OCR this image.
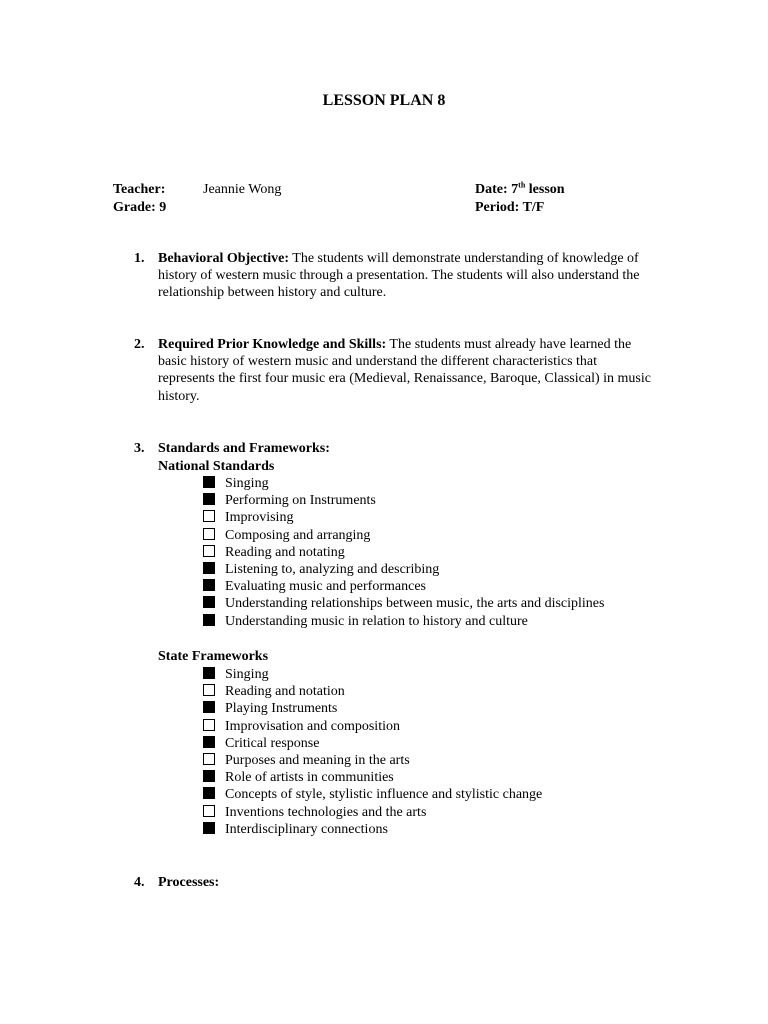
LESSON PLAN 8
Teacher:	Jeannie Wong	Date: 7th lesson
Grade: 9	Period: T/F
1. Behavioral Objective: The students will demonstrate understanding of knowledge of history of western music through a presentation. The students will also understand the relationship between history and culture.
2. Required Prior Knowledge and Skills: The students must already have learned the basic history of western music and understand the different characteristics that represents the first four music era (Medieval, Renaissance, Baroque, Classical) in music history.
3. Standards and Frameworks:
National Standards
Singing
Performing on Instruments
Improvising
Composing and arranging
Reading and notating
Listening to, analyzing and describing
Evaluating music and performances
Understanding relationships between music, the arts and disciplines
Understanding music in relation to history and culture
State Frameworks
Singing
Reading and notation
Playing Instruments
Improvisation and composition
Critical response
Purposes and meaning in the arts
Role of artists in communities
Concepts of style, stylistic influence and stylistic change
Inventions technologies and the arts
Interdisciplinary connections
4. Processes:
